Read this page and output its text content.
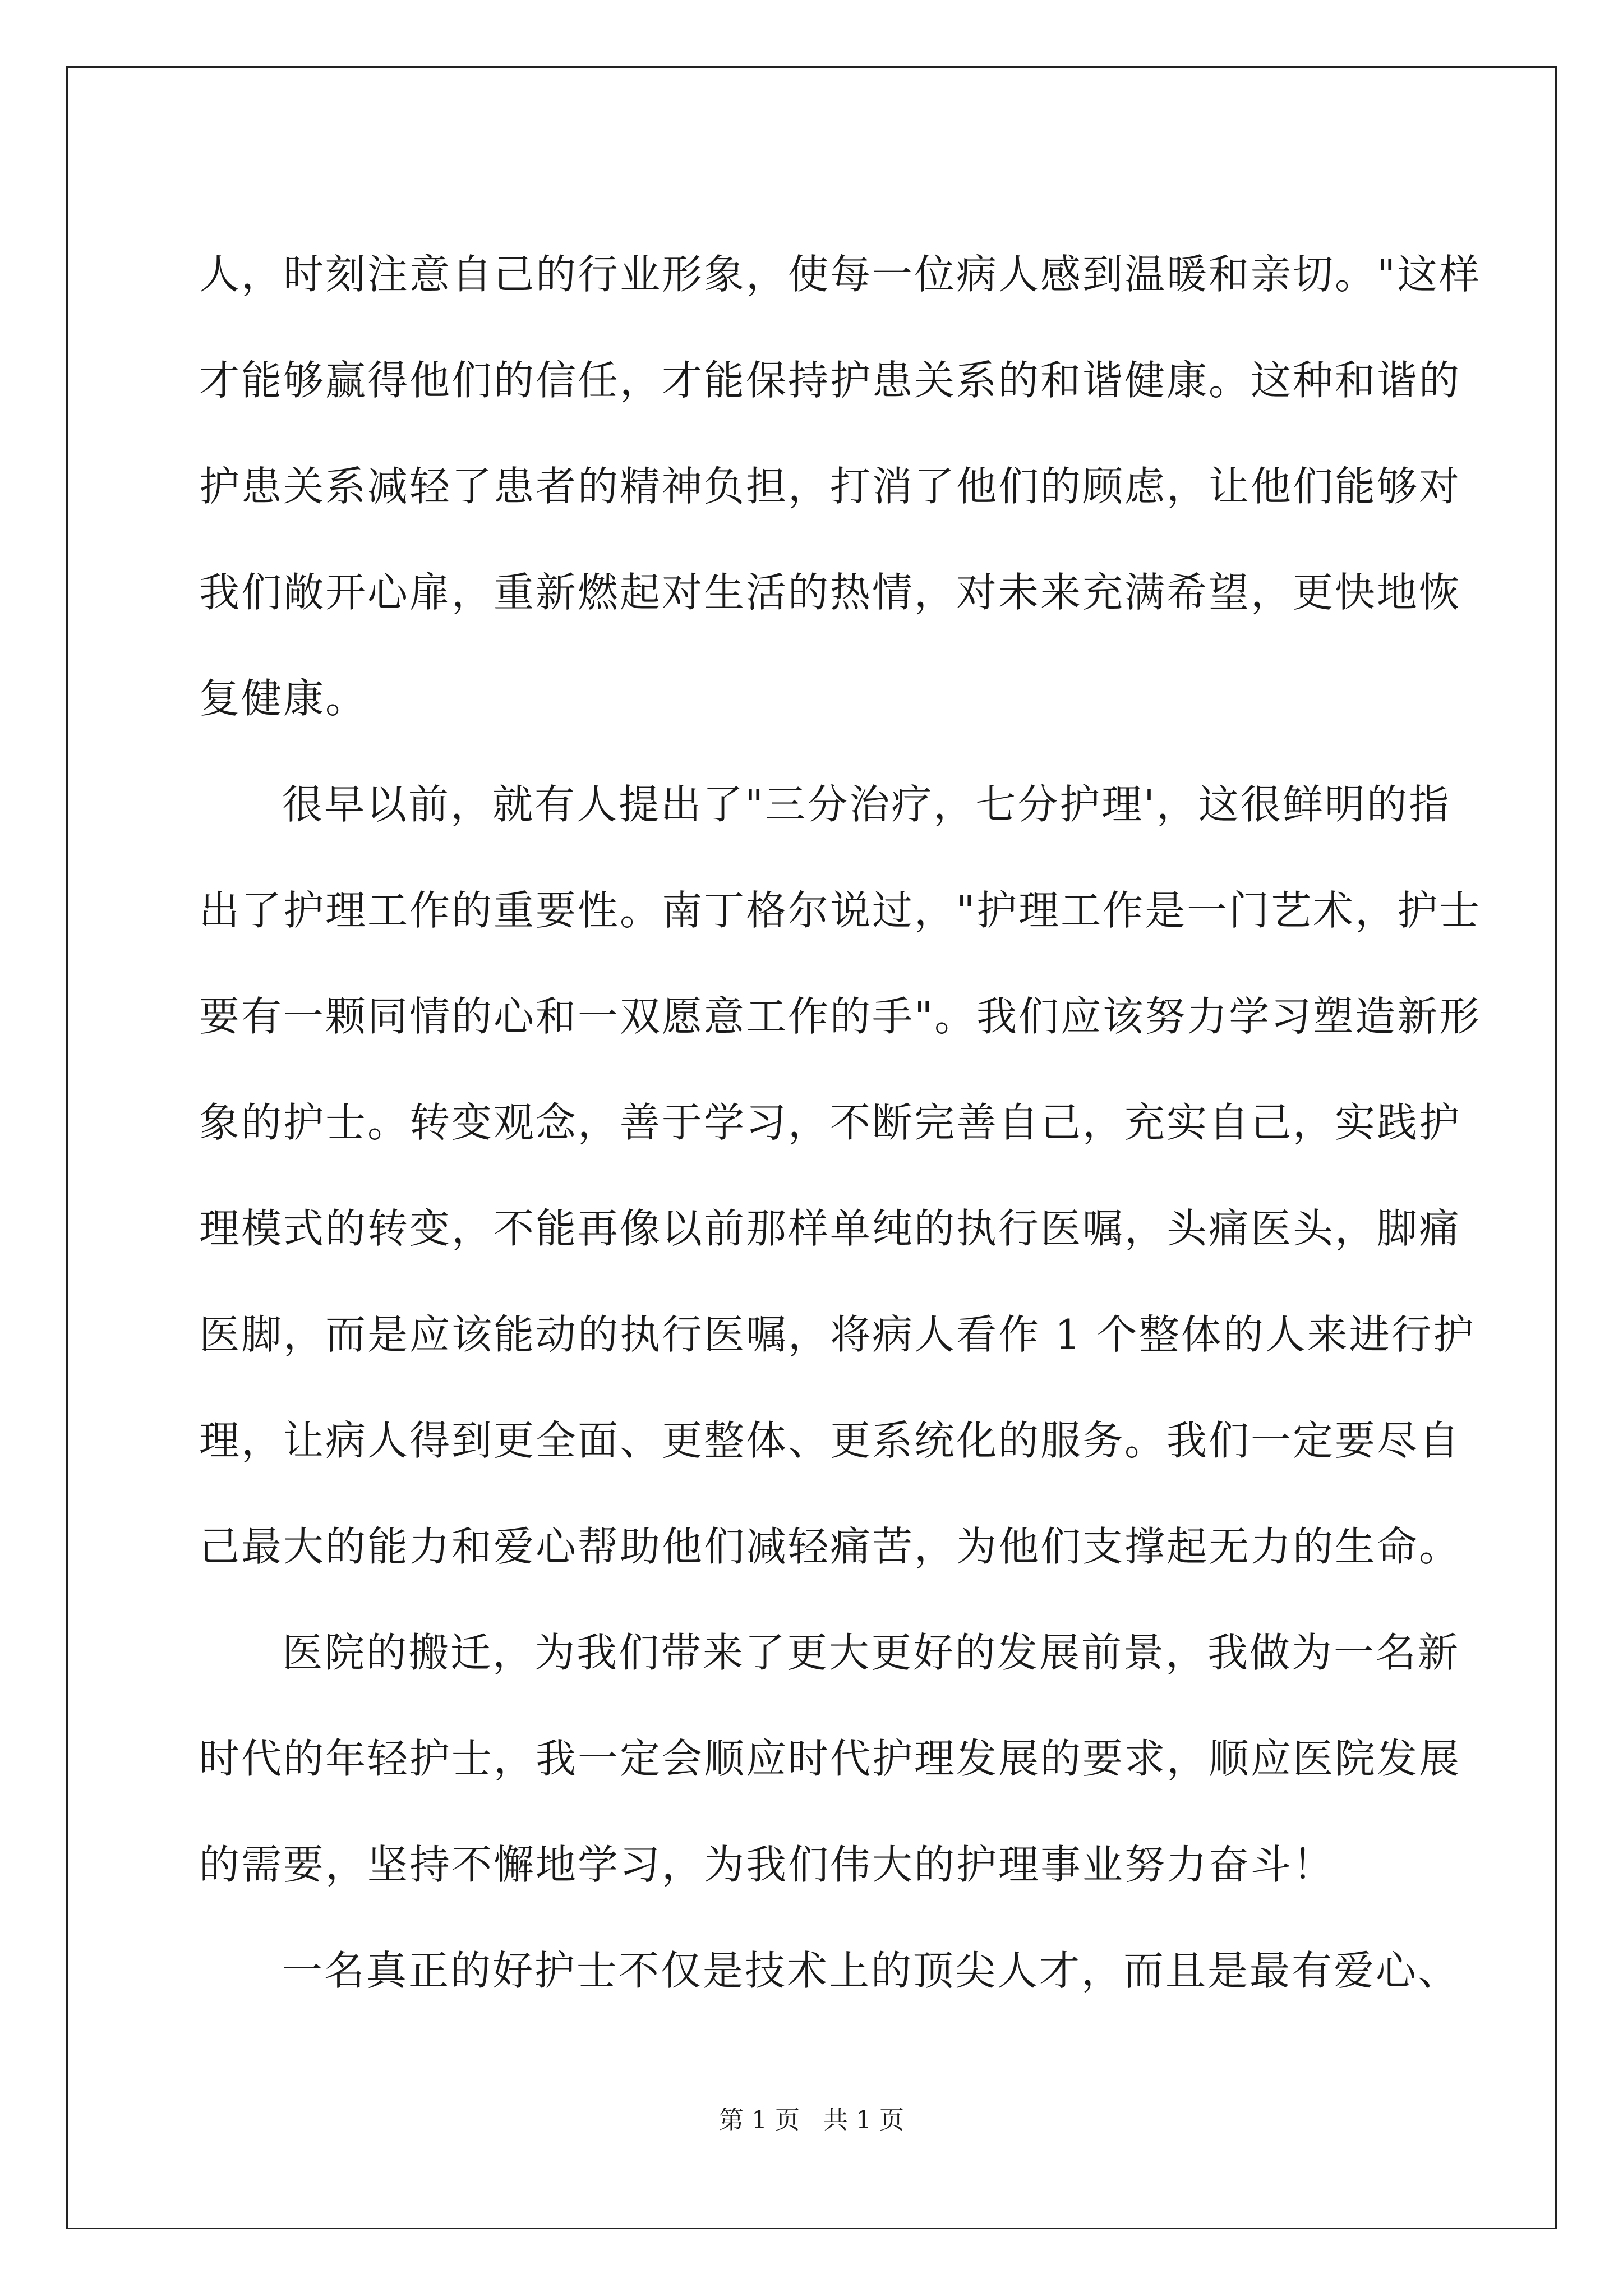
人，时刻注意自己的行业形象，使每一位病人感到温暖和亲切。"这样
才能够赢得他们的信任，才能保持护患关系的和谐健康。这种和谐的
护患关系减轻了患者的精神负担，打消了他们的顾虑，让他们能够对
我们敞开心扉，重新燃起对生活的热情，对未来充满希望，更快地恢
复健康。
很早以前，就有人提出了"三分治疗，七分护理'，这很鲜明的指
出了护理工作的重要性。南丁格尔说过，"护理工作是一门艺术，护士
要有一颗同情的心和一双愿意工作的手"。我们应该努力学习塑造新形
象的护士。转变观念，善于学习，不断完善自己，充实自己，实践护
理模式的转变，不能再像以前那样单纯的执行医嘱，头痛医头，脚痛
医脚，而是应该能动的执行医嘱，将病人看作 1 个整体的人来进行护
理，让病人得到更全面、更整体、更系统化的服务。我们一定要尽自
己最大的能力和爱心帮助他们减轻痛苦，为他们支撑起无力的生命。
医院的搬迁，为我们带来了更大更好的发展前景，我做为一名新
时代的年轻护士，我一定会顺应时代护理发展的要求，顺应医院发展
的需要，坚持不懈地学习，为我们伟大的护理事业努力奋斗！
一名真正的好护士不仅是技术上的顶尖人才，而且是最有爱心、
第 1 页   共 1 页
